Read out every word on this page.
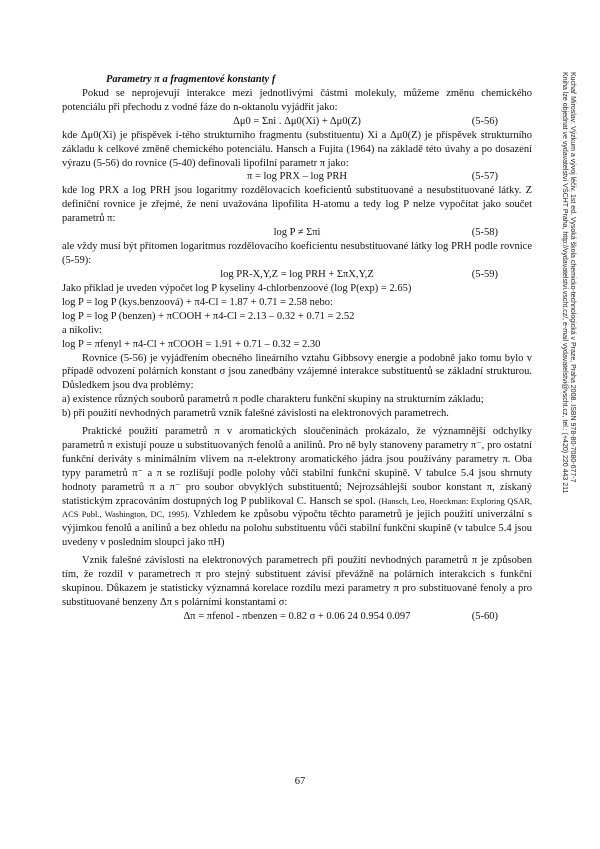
Parametry π a fragmentové konstanty f

Pokud se neprojevují interakce mezi jednotlivými částmi molekuly, můžeme změnu chemického potenciálu při přechodu z vodné fáze do n-oktanolu vyjádřit jako:

Δμ0 = Σni . Δμ0(Xi) + Δμ0(Z)	(5-56)

kde Δμ0(Xi) je příspěvek i-tého strukturního fragmentu (substituentu) Xi a Δμ0(Z) je příspěvek strukturního základu k celkové změně chemického potenciálu. Hansch a Fujita (1964) na základě této úvahy a po dosazení výrazu (5-56) do rovnice (5-40) definovali lipofilní parametr π jako:

π = log PRX – log PRH	(5-57)

kde log PRX a log PRH jsou logaritmy rozdělovacích koeficientů substituované a nesubstituované látky. Z definiční rovnice je zřejmé, že není uvažována lipofilita H-atomu a tedy log P nelze vypočítat jako součet parametrů π:

log P ≠ Σπi	(5-58)

ale vždy musí být přítomen logaritmus rozdělovacího koeficientu nesubstituované látky log PRH podle rovnice (5-59):

log PR-X,Y,Z = log PRH + ΣπX,Y,Z	(5-59)

Jako příklad je uveden výpočet log P kyseliny 4-chlorbenzoové (log P(exp) = 2.65)

log P = log P (kys.benzoová) + π4-Cl = 1.87 + 0.71 = 2.58 nebo:

log P = log P (benzen) + πCOOH + π4-Cl = 2.13 – 0.32 + 0.71 = 2.52

a nikoliv:

log P = πfenyl + π4-Cl + πCOOH = 1.91 + 0.71 – 0.32 = 2.30

Rovnice (5-56) je vyjádřením obecného lineárního vztahu Gibbsovy energie a podobně jako tomu bylo v případě odvození polárních konstant σ jsou zanedbány vzájemné interakce substituentů se základní strukturou. Důsledkem jsou dva problémy:

a) existence různých souborů parametrů π podle charakteru funkční skupiny na strukturním základu;

b) při použití nevhodných parametrů vznik falešné závislosti na elektronových parametrech.

Praktické použití parametrů π v aromatických sloučeninách prokázalo, že významnější odchylky parametrů π existují pouze u substituovaných fenolů a anilinů. Pro ně byly stanoveny parametry π⁻, pro ostatní funkční deriváty s minimálním vlivem na π-elektrony aromatického jádra jsou používány parametry π. Oba typy parametrů π⁻ a π se rozlišují podle polohy vůči stabilní funkční skupině. V tabulce 5.4 jsou shrnuty hodnoty parametrů π a π⁻ pro soubor obvyklých substituentů; Nejrozsáhlejší soubor konstant π, získaný statistickým zpracováním dostupných log P publikoval C. Hansch se spol. (Hansch, Leo, Hoeckman: Exploring QSAR, ACS Publ., Washington, DC, 1995). Vzhledem ke způsobu výpočtu těchto parametrů je jejich použití univerzální s výjimkou fenolů a anilinů a bez ohledu na polohu substituentu vůči stabilní funkční skupině (v tabulce 5.4 jsou uvedeny v posledním sloupci jako πH)

Vznik falešné závislosti na elektronových parametrech při použití nevhodných parametrů π je způsoben tím, že rozdíl v parametrech π pro stejný substituent závisí převážně na polárních interakcích s funkční skupinou. Důkazem je statisticky významná korelace rozdílu mezi parametry π pro substituované fenoly a pro substituované benzeny Δπ s polárními konstantami σ:

Δπ = πfenol - πbenzen = 0.82 σ + 0.06 24 0.954 0.097	(5-60)
67
Kuchař Miroslav: Výzkum a vývoj léčiv. 1st ed. Vysoká škola chemicko-technologická v Praze, Praha 2008. ISBN 978-80-7080-677-7
Kniha lze objednat ve vydavatelství VŠCHT Praha, http://vydavatelstvi.vscht.cz/, e-mail vydavatelstvi@vscht.cz, tel.: (+420) 220 443 211
